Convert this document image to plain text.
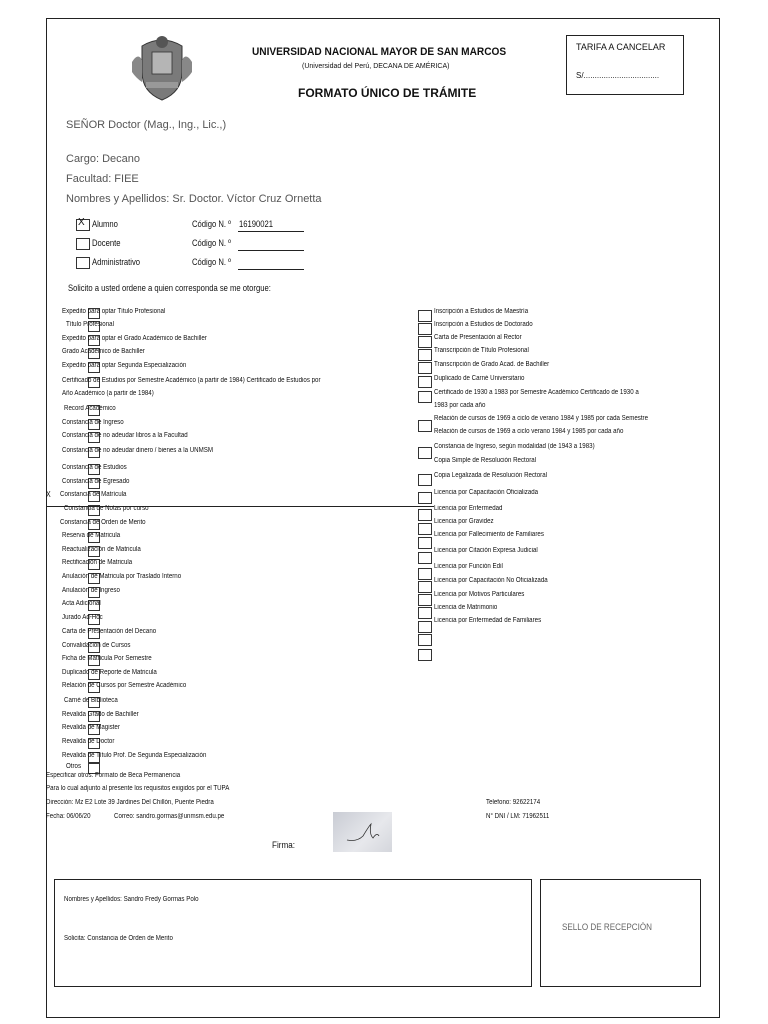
UNIVERSIDAD NACIONAL MAYOR DE SAN MARCOS
(Universidad del Perú, DECANA DE AMÉRICA)
FORMATO ÚNICO DE TRÁMITE
TARIFA A CANCELAR
S/..................................
SEÑOR Doctor (Mag., Ing., Lic.,)
Cargo: Decano
Facultad: FIEE
Nombres y Apellidos: Sr. Doctor. Víctor Cruz Ornetta
X Alumno	Código N. º 16190021
Docente	Código N. º
Administrativo	Código N. º
Solicito a usted ordene a quien corresponda se me otorgue:
Expedito para optar Título Profesional
Título Profesional
Expedito para optar el Grado Académico de Bachiller
Grado Académico de Bachiller
Expedito para optar Segunda Especialización
Certificado de Estudios por Semestre Académico (a partir de 1984) Certificado de Estudios por
Año Académico (a partir de 1984)
Record Académico
Constancia de Ingreso
Constancia de no adeudar libros a la Facultad
Constancia de no adeudar dinero / bienes a la UNMSM
Constancia de Estudios
Constancia de Egresado
Constancia de Matrícula
Constancia de Notas por curso
Constancia de Orden de Merito
Reserva de Matricula
Reactualización de Matricula
Rectificación de Matricula
Anulación de Matricula por Traslado Interno
Anulación de Ingreso
Acta Adicional
Jurado Ad-Hoc
Carta de Presentación del Decano
Convalidación de Cursos
Ficha de Matricula Por Semestre
Duplicado de Reporte de Matricula
Relación de Cursos por Semestre Académico
Carné de Biblioteca
Revalida Grado de Bachiller
Revalida de Magister
Revalida de Doctor
Revalida de Título Prof. De Segunda Especialización
Otros
Inscripción a Estudios de Maestría
Inscripción a Estudios de Doctorado
Carta de Presentación al Rector
Transcripción de Título Profesional
Transcripción de Grado Acad. de Bachiller
Duplicado de Carné Universitario
Certificado de 1930 a 1983 por Semestre Académico Certificado de 1930 a
1983 por cada año
Relación de cursos de 1969 a ciclo de verano 1984 y 1985 por cada Semestre
Relación de cursos de 1969 a ciclo verano 1984 y 1985 por cada año
Constancia de Ingreso, según modalidad (de 1943 a 1983)
Copia Simple de Resolución Rectoral
Copia Legalizada de Resolución Rectoral
Licencia por Capacitación Oficializada
Licencia por Enfermedad
Licencia por Gravidez
Licencia por Fallecimiento de Familiares
Licencia por Citación Expresa Judicial
Licencia por Función Edil
Licencia por Capacitación No Oficializada
Licencia por Motivos Particulares
Licencia de Matrimonio
Licencia por Enfermedad de Familiares
X
Especificar otros: Formato de Beca Permanencia
Para lo cual adjunto al presente los requisitos exigidos por el TUPA
Dirección: Mz E2 Lote 39 Jardines Del Chillón, Puente Piedra
Fecha: 06/06/20	Correo: sandro.gormas@unmsm.edu.pe
Telefono: 92622174
N° DNI / LM: 71962511
Firma:
Nombres y Apellidos: Sandro Fredy Gormas Polo
Solicita: Constancia de Orden de Merito
SELLO DE RECEPCIÓN
